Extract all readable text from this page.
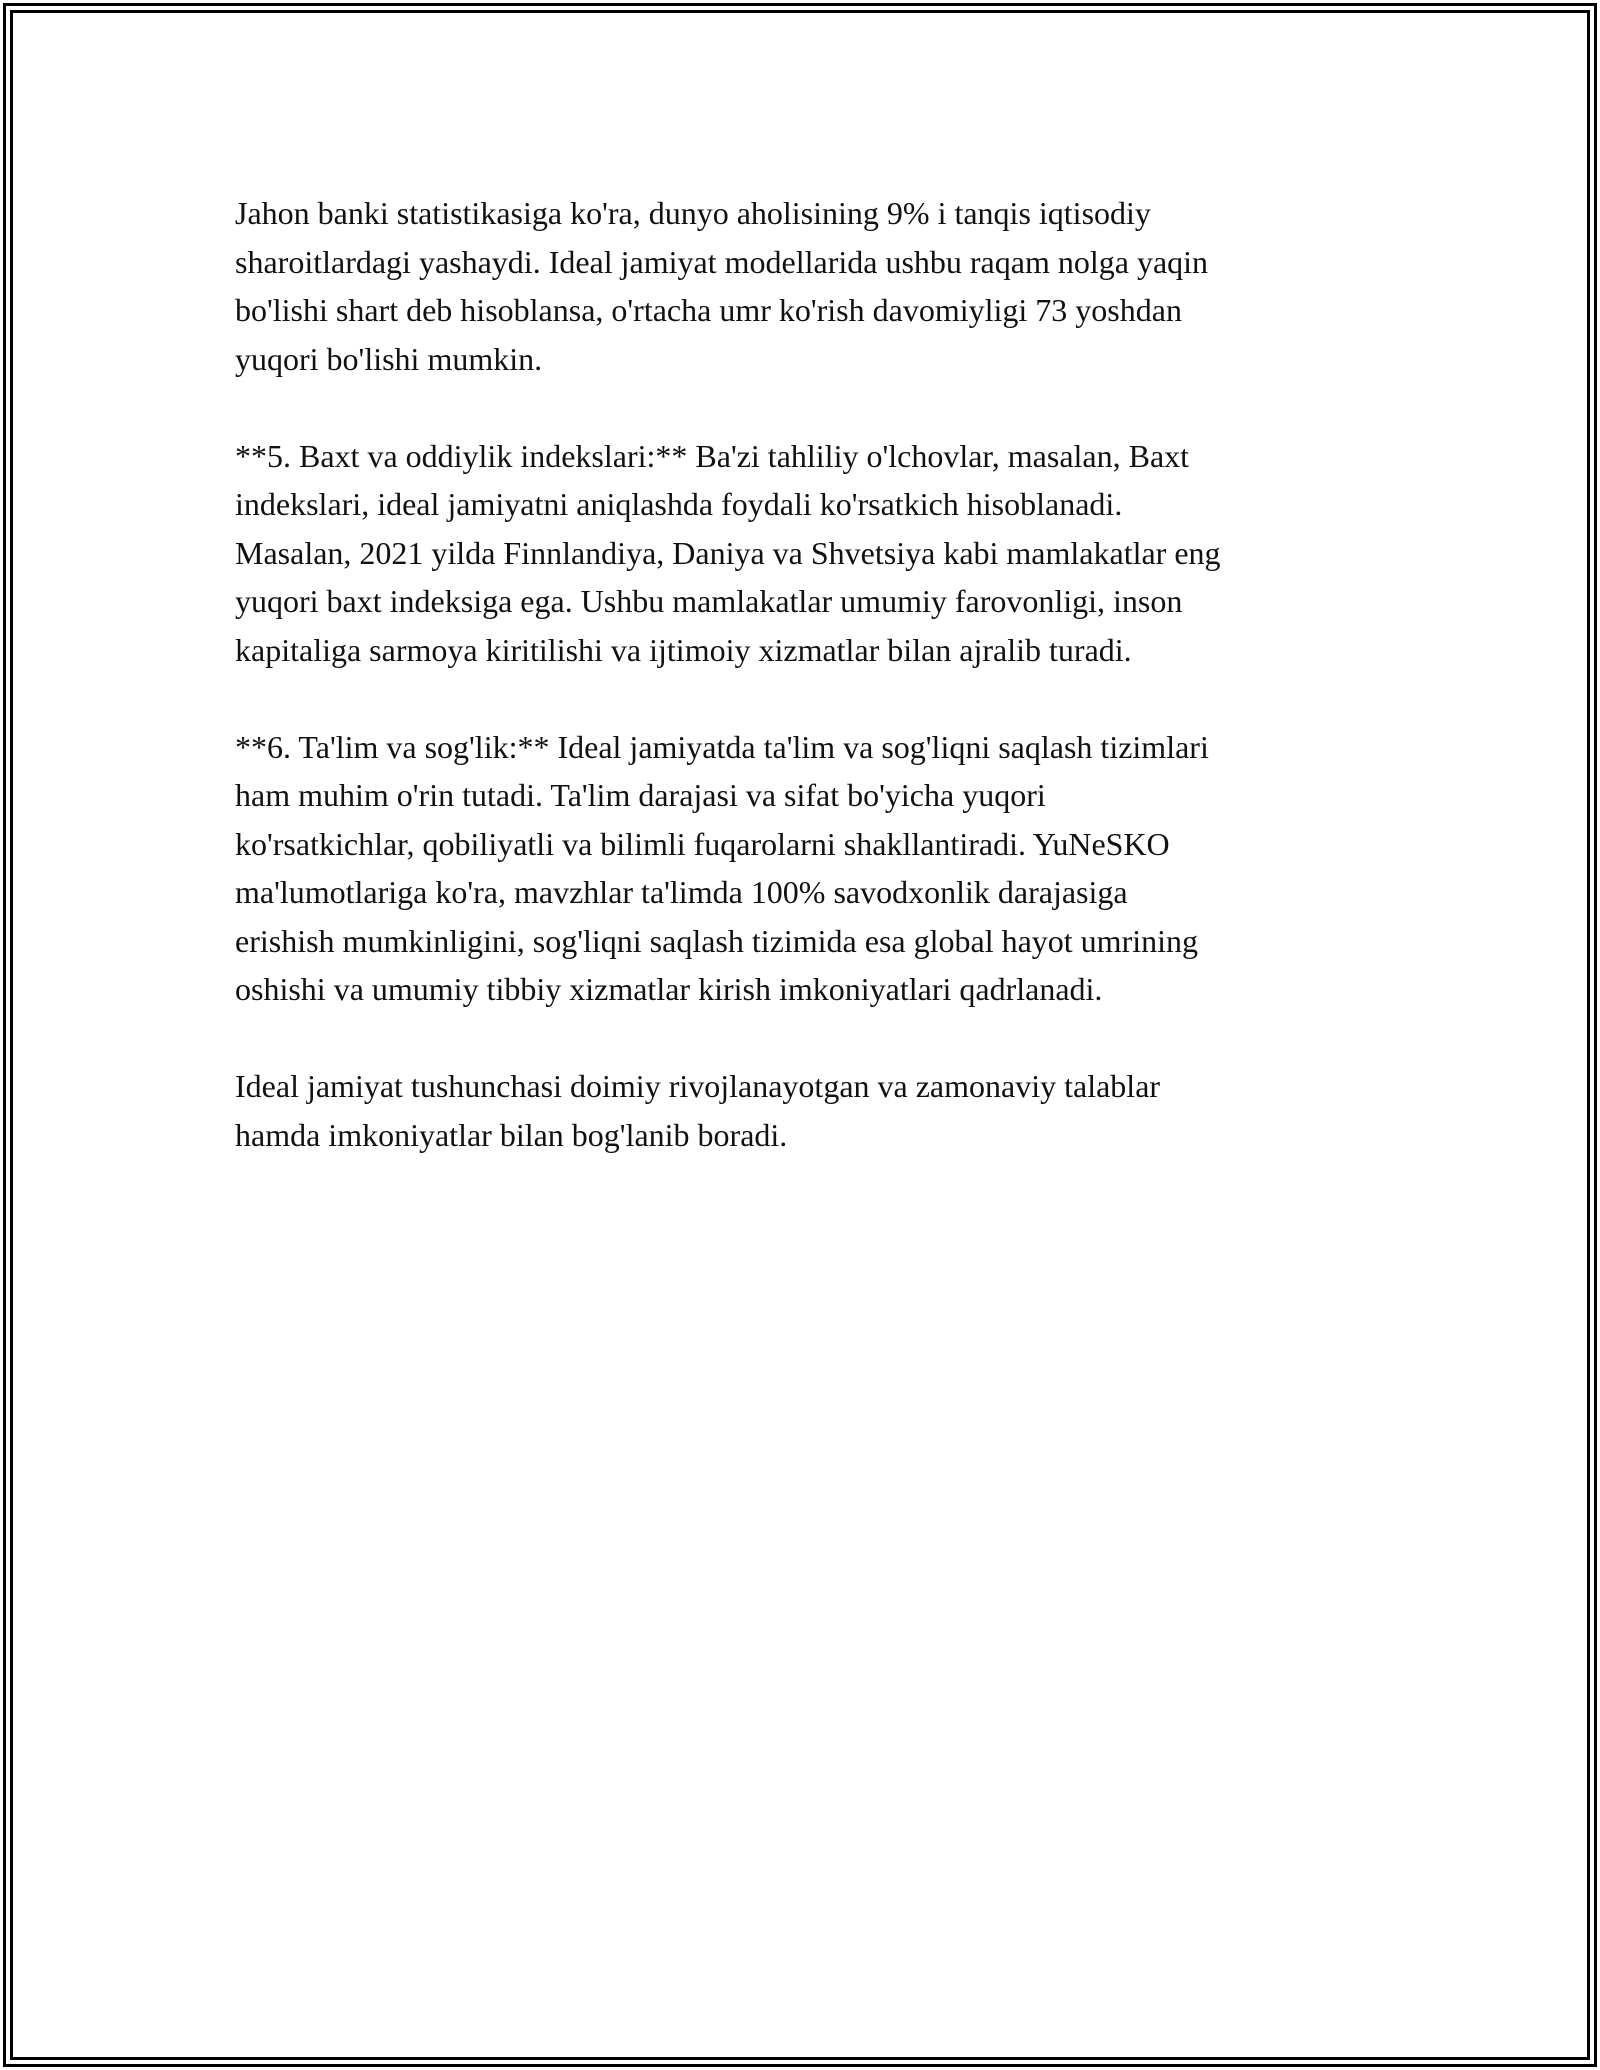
Jahon banki statistikasiga ko'ra, dunyo aholisining 9% i tanqis iqtisodiy
sharoitlardagi yashaydi. Ideal jamiyat modellarida ushbu raqam nolga yaqin
bo'lishi shart deb hisoblansa, o'rtacha umr ko'rish davomiyligi 73 yoshdan
yuqori bo'lishi mumkin.

**5. Baxt va oddiylik indekslari:** Ba'zi tahliliy o'lchovlar, masalan, Baxt
indekslari, ideal jamiyatni aniqlashda foydali ko'rsatkich hisoblanadi.
Masalan, 2021 yilda Finnlandiya, Daniya va Shvetsiya kabi mamlakatlar eng
yuqori baxt indeksiga ega. Ushbu mamlakatlar umumiy farovonligi, inson
kapitaliga sarmoya kiritilishi va ijtimoiy xizmatlar bilan ajralib turadi.

**6. Ta'lim va sog'lik:** Ideal jamiyatda ta'lim va sog'liqni saqlash tizimlari
ham muhim o'rin tutadi. Ta'lim darajasi va sifat bo'yicha yuqori
ko'rsatkichlar, qobiliyatli va bilimli fuqarolarni shakllantiradi. YuNeSKO
ma'lumotlariga ko'ra, mavzhlar ta'limda 100% savodxonlik darajasiga
erishish mumkinligini, sog'liqni saqlash tizimida esa global hayot umrining
oshishi va umumiy tibbiy xizmatlar kirish imkoniyatlari qadrlanadi.

Ideal jamiyat tushunchasi doimiy rivojlanayotgan va zamonaviy talablar
hamda imkoniyatlar bilan bog'lanib boradi.
